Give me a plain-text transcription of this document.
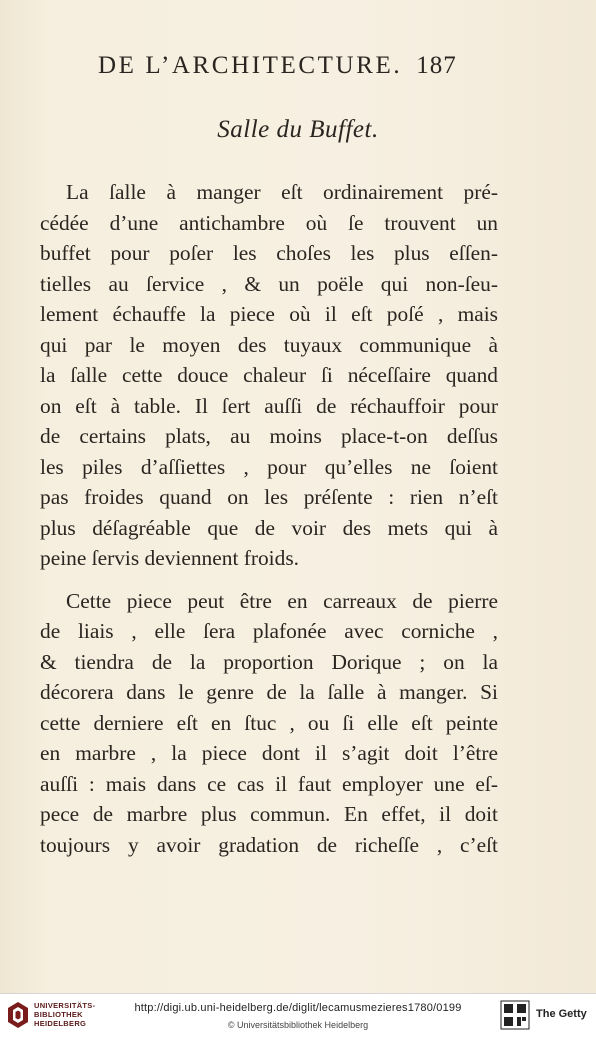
DE L’ARCHITECTURE. 187
Salle du Buffet.

La ſalle à manger eſt ordinairement pré-
cédée d’une antichambre où ſe trouvent un
buffet pour poſer les choſes les plus eſſen-
tielles au ſervice , & un poële qui non-ſeu-
lement échauffe la piece où il eſt poſé , mais
qui par le moyen des tuyaux communique à
la ſalle cette douce chaleur ſi néceſſaire quand
on eſt à table. Il ſert auſſi de réchauffoir pour
de certains plats, au moins place-t-on deſſus
les piles d’aſſiettes , pour qu’elles ne ſoient
pas froides quand on les préſente : rien n’eſt
plus déſagréable que de voir des mets qui à
peine ſervis deviennent froids.

Cette piece peut être en carreaux de pierre
de liais , elle ſera plafonée avec corniche ,
& tiendra de la proportion Dorique ; on la
décorera dans le genre de la ſalle à manger. Si
cette derniere eſt en ſtuc , ou ſi elle eſt peinte
en marbre , la piece dont il s’agit doit l’être
auſſi : mais dans ce cas il faut employer une eſ-
pece de marbre plus commun. En effet, il doit
toujours y avoir gradation de richeſſe , c’eſt

UNIVERSITÄTS-
BIBLIOTHEK
HEIDELBERG
http://digi.ub.uni-heidelberg.de/diglit/lecamusmezieres1780/0199
© Universitätsbibliothek Heidelberg
The Getty
